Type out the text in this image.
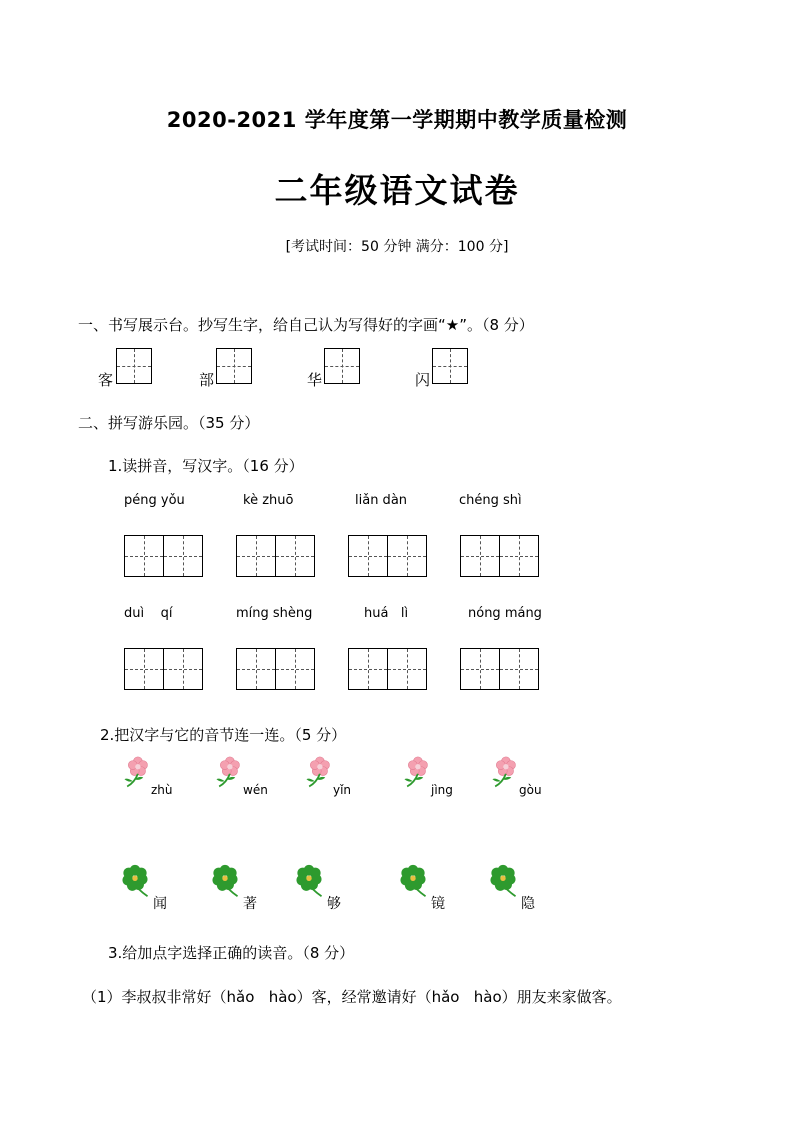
2020-2021 学年度第一学期期中教学质量检测
二年级语文试卷
[考试时间：50 分钟 满分：100 分]
一、书写展示台。抄写生字，给自己认为写得好的字画“★”。（8 分）
客	部	华	闪
二、拼写游乐园。（35 分）
1.读拼音，写汉字。（16 分）
péng yǒu	kè zhuō	liǎn dàn	chéng shì
duì    qí	míng shèng	huá   lì	nóng máng
2.把汉字与它的音节连一连。（5 分）
zhù	wén	yǐn	jìng	gòu
闻	著	够	镜	隐
3.给加点字选择正确的读音。（8 分）
（1）李叔叔非常好（hǎo   hào）客，经常邀请好（hǎo   hào）朋友来家做客。
